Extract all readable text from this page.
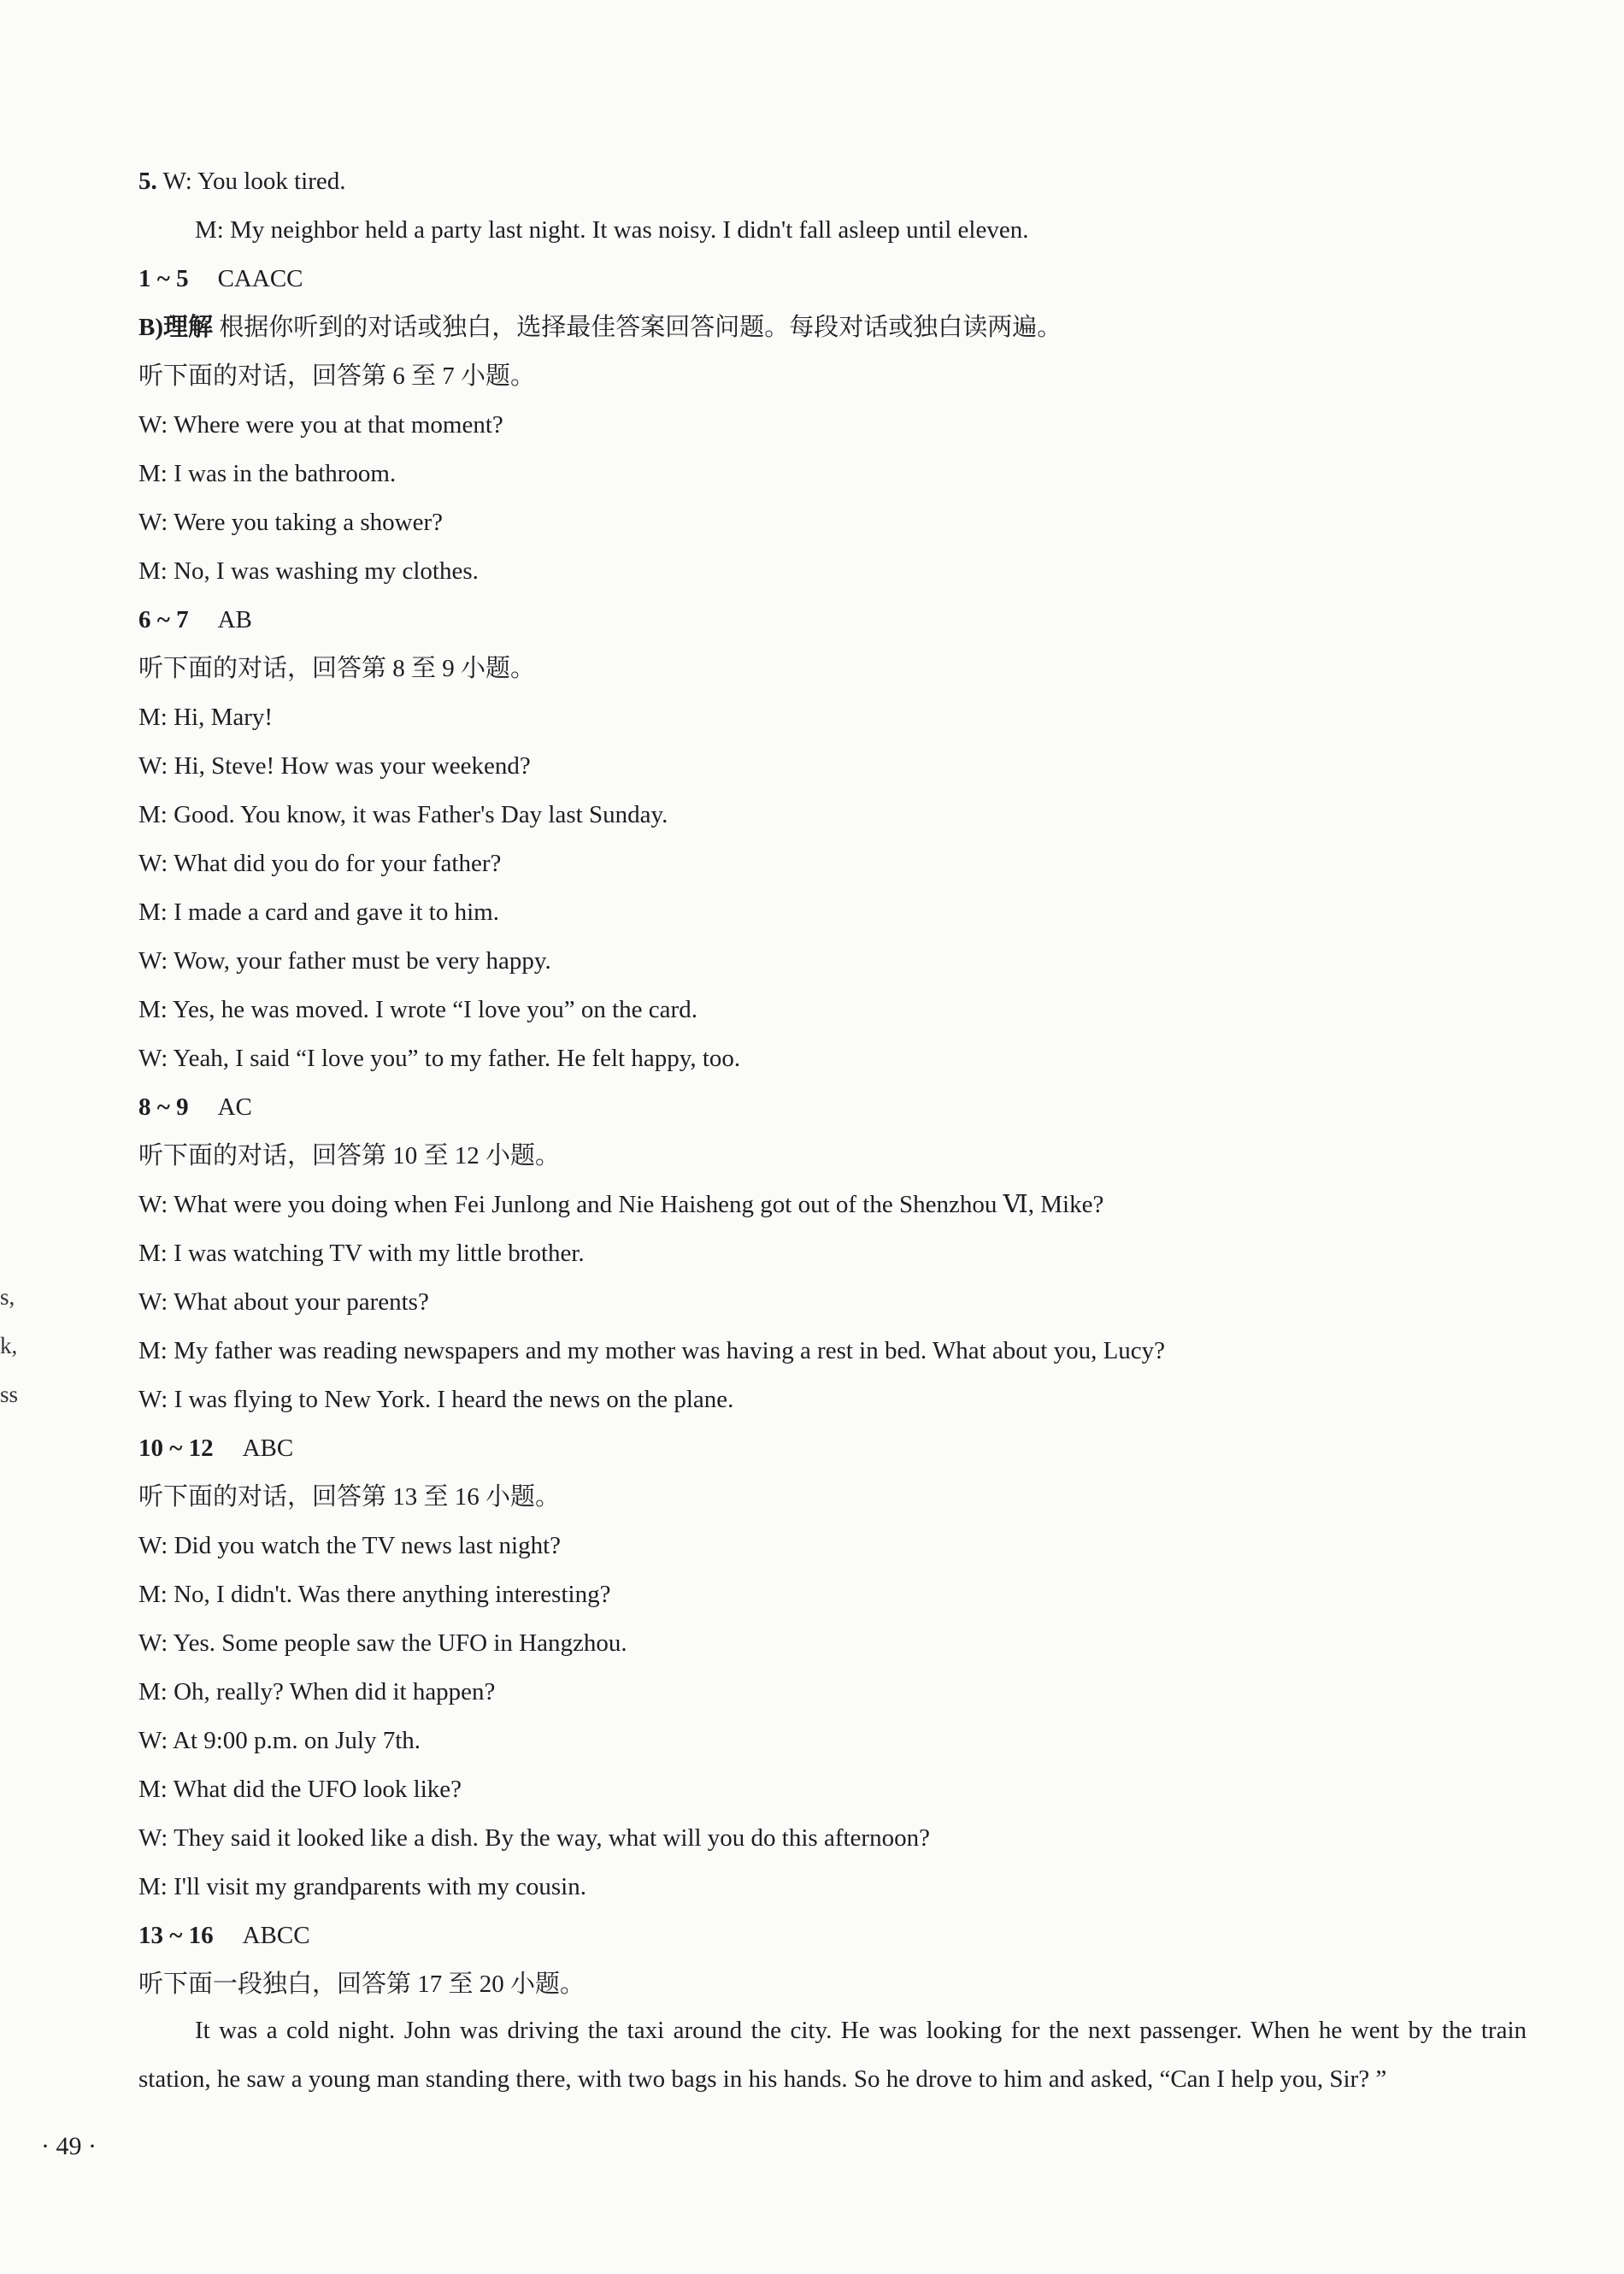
5. W: You look tired.
M: My neighbor held a party last night. It was noisy. I didn't fall asleep until eleven.
1 ~ 5 CAACC
B)理解 根据你听到的对话或独白，选择最佳答案回答问题。每段对话或独白读两遍。
听下面的对话，回答第 6 至 7 小题。
W: Where were you at that moment?
M: I was in the bathroom.
W: Were you taking a shower?
M: No, I was washing my clothes.
6 ~ 7 AB
听下面的对话，回答第 8 至 9 小题。
M: Hi, Mary!
W: Hi, Steve! How was your weekend?
M: Good. You know, it was Father's Day last Sunday.
W: What did you do for your father?
M: I made a card and gave it to him.
W: Wow, your father must be very happy.
M: Yes, he was moved. I wrote “I love you” on the card.
W: Yeah, I said “I love you” to my father. He felt happy, too.
8 ~ 9 AC
听下面的对话，回答第 10 至 12 小题。
W: What were you doing when Fei Junlong and Nie Haisheng got out of the Shenzhou Ⅵ, Mike?
M: I was watching TV with my little brother.
W: What about your parents?
M: My father was reading newspapers and my mother was having a rest in bed. What about you, Lucy?
W: I was flying to New York. I heard the news on the plane.
10 ~ 12 ABC
听下面的对话，回答第 13 至 16 小题。
W: Did you watch the TV news last night?
M: No, I didn't. Was there anything interesting?
W: Yes. Some people saw the UFO in Hangzhou.
M: Oh, really? When did it happen?
W: At 9:00 p.m. on July 7th.
M: What did the UFO look like?
W: They said it looked like a dish. By the way, what will you do this afternoon?
M: I'll visit my grandparents with my cousin.
13 ~ 16 ABCC
听下面一段独白，回答第 17 至 20 小题。
It was a cold night. John was driving the taxi around the city. He was looking for the next passenger. When he went by the train station, he saw a young man standing there, with two bags in his hands. So he drove to him and asked, “Can I help you, Sir? ”
s,
k,
ss
· 49 ·
